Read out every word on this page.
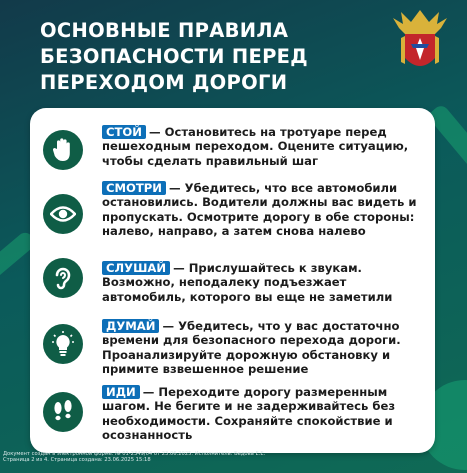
ОСНОВНЫЕ ПРАВИЛА
БЕЗОПАСНОСТИ ПЕРЕД
ПЕРЕХОДОМ ДОРОГИ
СТОЙ — Остановитесь на тротуаре перед пешеходным переходом. Оцените ситуацию, чтобы сделать правильный шаг
СМОТРИ — Убедитесь, что все автомобили остановились. Водители должны вас видеть и пропускать. Осмотрите дорогу в обе стороны: налево, направо, а затем снова налево
СЛУШАЙ — Прислушайтесь к звукам. Возможно, неподалеку подъезжает автомобиль, которого вы еще не заметили
ДУМАЙ — Убедитесь, что у вас достаточно времени для безопасного перехода дороги. Проанализируйте дорожную обстановку и примите взвешенное решение
ИДИ — Переходите дорогу размеренным шагом. Не бегите и не задерживайтесь без необходимости. Сохраняйте спокойствие и осознанность
Документ создан в электронной форме. № 01-2349/04 от 23.06.2025. Исполнитель: Бедова Е.Е.
Страница 2 из 4. Страница создана: 23.06.2025 15:18
